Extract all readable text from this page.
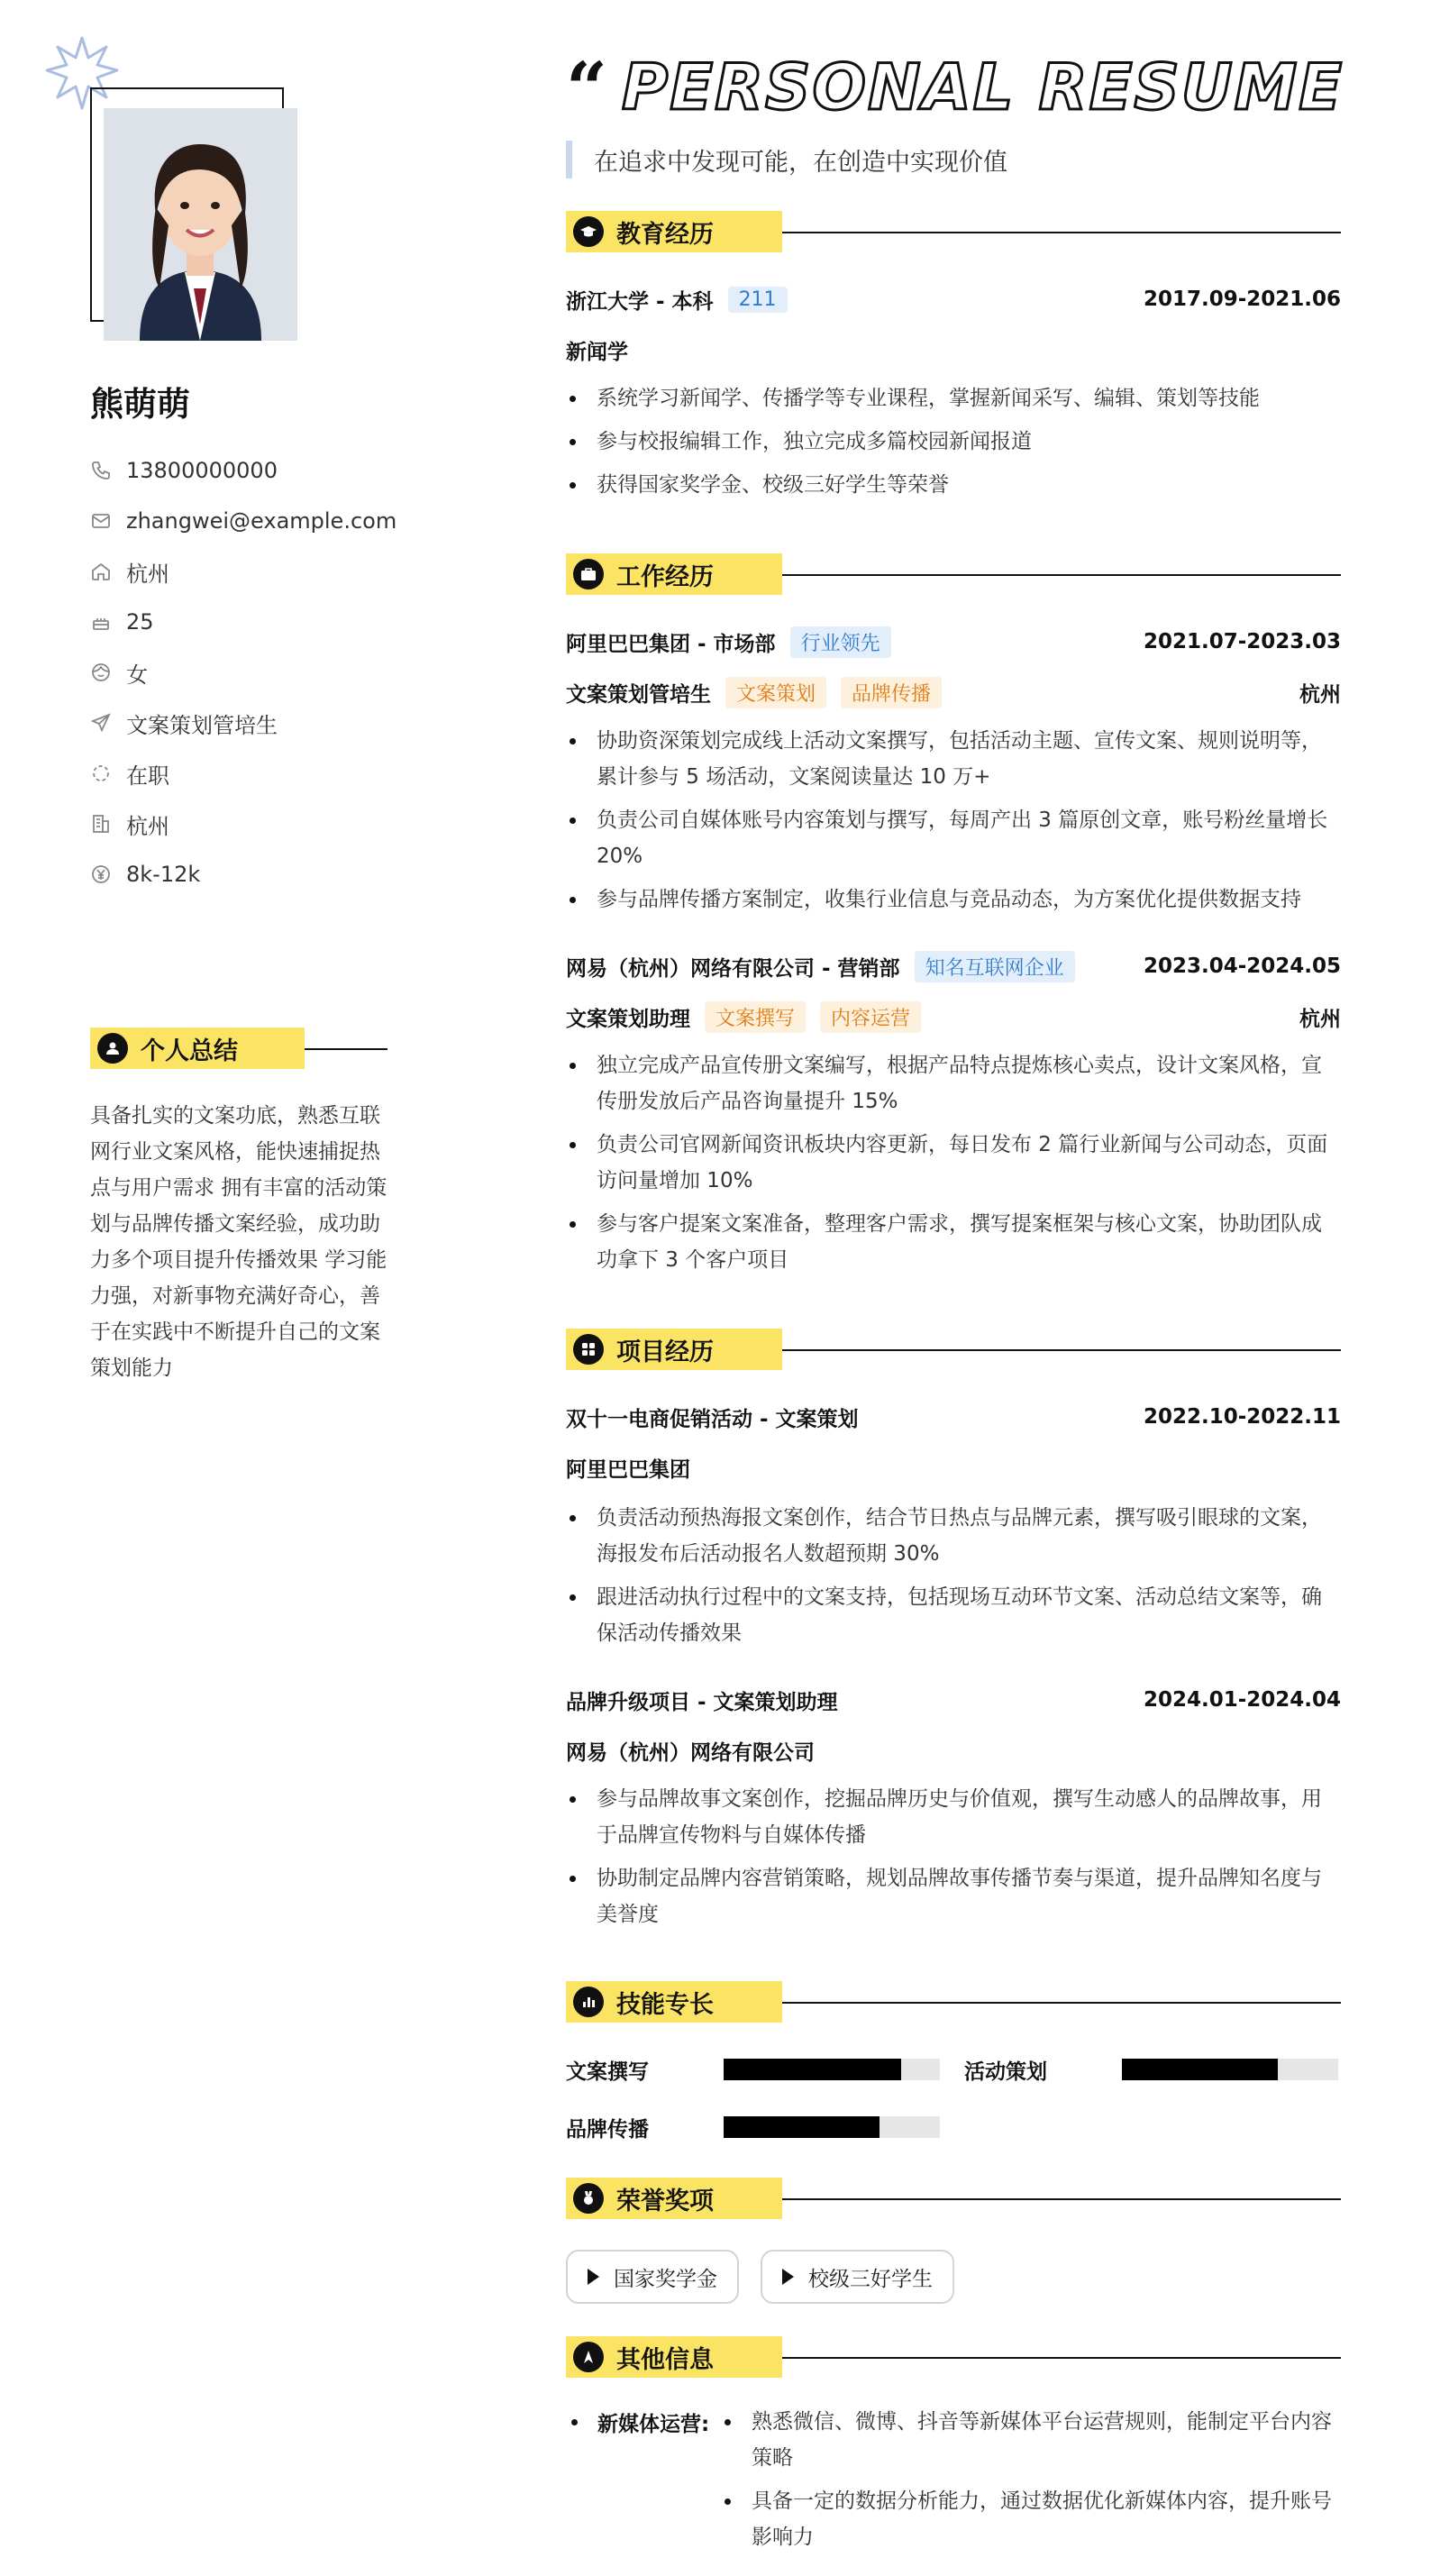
熊萌萌
13800000000
zhangwei@example.com
杭州
25
女
文案策划管培生
在职
杭州
8k-12k
个人总结

具备扎实的文案功底，熟悉互联网行业文案风格，能快速捕捉热点与用户需求 拥有丰富的活动策划与品牌传播文案经验，成功助力多个项目提升传播效果 学习能力强，对新事物充满好奇心，善于在实践中不断提升自己的文案策划能力

“ PERSONAL RESUME
在追求中发现可能，在创造中实现价值
教育经历
浙江大学 - 本科	211	2017.09-2021.06
新闻学
系统学习新闻学、传播学等专业课程，掌握新闻采写、编辑、策划等技能
参与校报编辑工作，独立完成多篇校园新闻报道
获得国家奖学金、校级三好学生等荣誉
工作经历
阿里巴巴集团 - 市场部	行业领先	2021.07-2023.03
文案策划管培生	文案策划	品牌传播	杭州
协助资深策划完成线上活动文案撰写，包括活动主题、宣传文案、规则说明等，累计参与 5 场活动，文案阅读量达 10 万+
负责公司自媒体账号内容策划与撰写，每周产出 3 篇原创文章，账号粉丝量增长 20%
参与品牌传播方案制定，收集行业信息与竞品动态，为方案优化提供数据支持
网易（杭州）网络有限公司 - 营销部	知名互联网企业	2023.04-2024.05
文案策划助理	文案撰写	内容运营	杭州
独立完成产品宣传册文案编写，根据产品特点提炼核心卖点，设计文案风格，宣传册发放后产品咨询量提升 15%
负责公司官网新闻资讯板块内容更新，每日发布 2 篇行业新闻与公司动态，页面访问量增加 10%
参与客户提案文案准备，整理客户需求，撰写提案框架与核心文案，协助团队成功拿下 3 个客户项目
项目经历
双十一电商促销活动 - 文案策划	2022.10-2022.11
阿里巴巴集团
负责活动预热海报文案创作，结合节日热点与品牌元素，撰写吸引眼球的文案，海报发布后活动报名人数超预期 30%
跟进活动执行过程中的文案支持，包括现场互动环节文案、活动总结文案等，确保活动传播效果
品牌升级项目 - 文案策划助理	2024.01-2024.04
网易（杭州）网络有限公司
参与品牌故事文案创作，挖掘品牌历史与价值观，撰写生动感人的品牌故事，用于品牌宣传物料与自媒体传播
协助制定品牌内容营销策略，规划品牌故事传播节奏与渠道，提升品牌知名度与美誉度
技能专长
文案撰写	活动策划
品牌传播
荣誉奖项
国家奖学金	校级三好学生
其他信息
新媒体运营:	熟悉微信、微博、抖音等新媒体平台运营规则，能制定平台内容策略
具备一定的数据分析能力，通过数据优化新媒体内容，提升账号影响力
